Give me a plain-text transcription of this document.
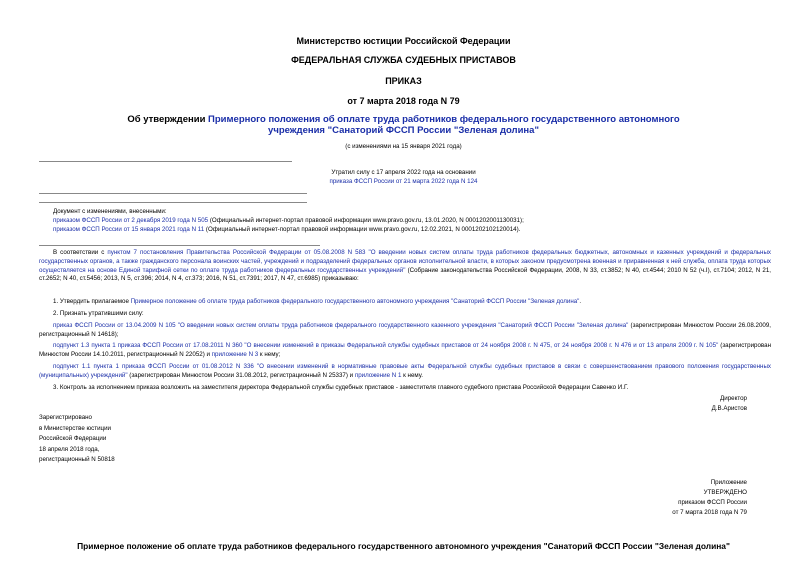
Министерство юстиции Российской Федерации
ФЕДЕРАЛЬНАЯ СЛУЖБА СУДЕБНЫХ ПРИСТАВОВ
ПРИКАЗ
от 7 марта 2018 года N 79
Об утверждении Примерного положения об оплате труда работников федерального государственного автономного учреждения "Санаторий ФССП России "Зеленая долина"
(с изменениями на 15 января 2021 года)
Утратил силу с 17 апреля 2022 года на основании
приказа ФССП России от 21 марта 2022 года N 124
Документ с изменениями, внесенными:
приказом ФССП России от 2 декабря 2019 года N 505 (Официальный интернет-портал правовой информации www.pravo.gov.ru, 13.01.2020, N 0001202001130031);
приказом ФССП России от 15 января 2021 года N 11 (Официальный интернет-портал правовой информации www.pravo.gov.ru, 12.02.2021, N 0001202102120014).
В соответствии с пунктом 7 постановления Правительства Российской Федерации от 05.08.2008 N 583 "О введении новых систем оплаты труда работников федеральных бюджетных, автономных и казенных учреждений и федеральных государственных органов, а также гражданского персонала воинских частей, учреждений и подразделений федеральных органов исполнительной власти, в которых законом предусмотрена военная и приравненная к ней служба, оплата труда которых осуществляется на основе Единой тарифной сетки по оплате труда работников федеральных государственных учреждений" (Собрание законодательства Российской Федерации, 2008, N 33, ст.3852; N 40, ст.4544; 2010 N 52 (ч.I), ст.7104; 2012, N 21, ст.2652; N 40, ст.5456; 2013, N 5, ст.396; 2014, N 4, ст.373; 2016, N 51, ст.7391; 2017, N 47, ст.6985) приказываю:
1. Утвердить прилагаемое Примерное положение об оплате труда работников федерального государственного автономного учреждения "Санаторий ФССП России "Зеленая долина".
2. Признать утратившими силу:
приказ ФССП России от 13.04.2009 N 105 "О введении новых систем оплаты труда работников федерального государственного казенного учреждения "Санаторий ФССП России "Зеленая долина" (зарегистрирован Минюстом России 26.08.2009, регистрационный N 14618);
подпункт 1.3 пункта 1 приказа ФССП России от 17.08.2011 N 360 "О внесении изменений в приказы Федеральной службы судебных приставов от 24 ноября 2008 г. N 475, от 24 ноября 2008 г. N 476 и от 13 апреля 2009 г. N 105" (зарегистрирован Минюстом России 14.10.2011, регистрационный N 22052) и приложение N 3 к нему;
подпункт 1.1 пункта 1 приказа ФССП России от 01.08.2012 N 336 "О внесении изменений в нормативные правовые акты Федеральной службы судебных приставов в связи с совершенствованием правового положения государственных (муниципальных) учреждений" (зарегистрирован Минюстом России 31.08.2012, регистрационный N 25337) и приложение N 1 к нему.
3. Контроль за исполнением приказа возложить на заместителя директора Федеральной службы судебных приставов - заместителя главного судебного пристава Российской Федерации Савенко И.Г.
Директор
Д.В.Аристов
Зарегистрировано
в Министерстве юстиции
Российской Федерации
18 апреля 2018 года,
регистрационный N 50818
Приложение
УТВЕРЖДЕНО
приказом ФССП России
от 7 марта 2018 года N 79
Примерное положение об оплате труда работников федерального государственного автономного учреждения "Санаторий ФССП России "Зеленая долина"
